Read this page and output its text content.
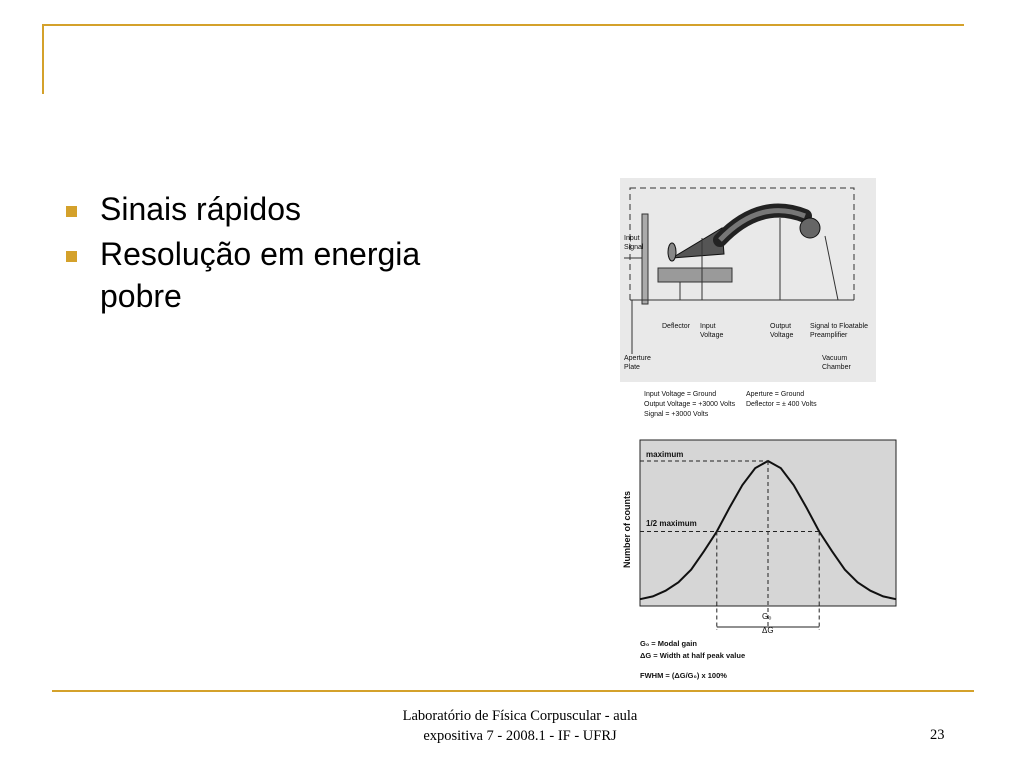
Sinais rápidos
Resolução em energia pobre
Input
Signal
Deflector Input
Voltage
Output
Voltage
Signal to Floatable
Preamplifier
Aperture
Plate
Vacuum
Chamber
Input Voltage = Ground
Output Voltage = +3000 Volts
Signal = +3000 Volts
Aperture = Ground
Deflector = ± 400 Volts
Number of counts
maximum
1/2 maximum
G₀
ΔG
G₀ = Modal gain
ΔG = Width at half peak value
FWHM = (ΔG/G₀) x 100%
Laboratório de Física Corpuscular - aula
expositiva 7 - 2008.1 - IF - UFRJ	23
